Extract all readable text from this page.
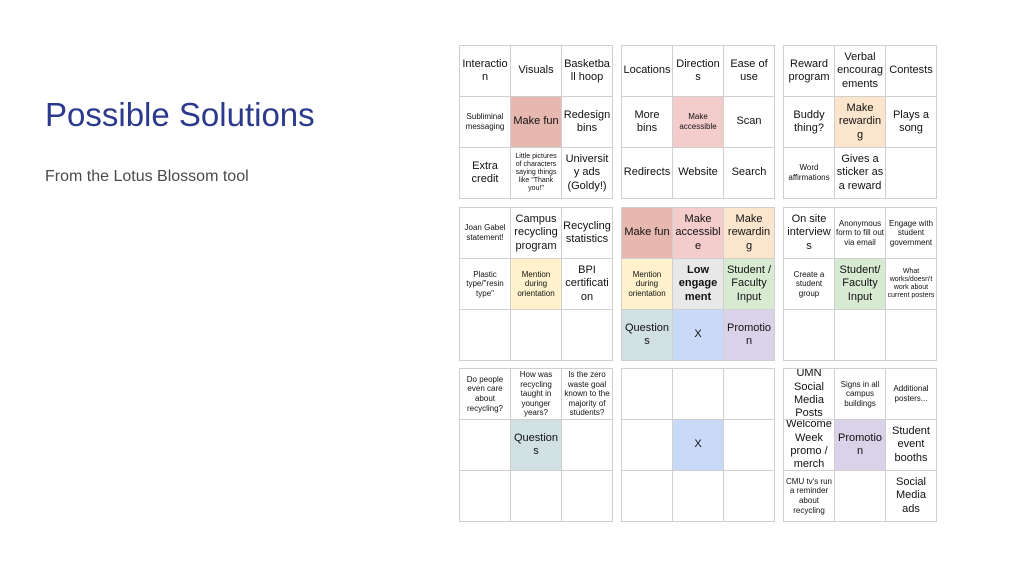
Possible Solutions
From the Lotus Blossom tool
Interaction
Visuals
Basketball hoop
Subliminal messaging Make fun
Redesign bins
Extra credit
Little pictures of characters saying things like "Thank you!"
University ads (Goldy!)
Locations
Directions
Ease of use
More bins
Make accessible	Scan
Redirects Website	Search
Reward program
Verbal encouragements
Contests
Buddy thing?
Make rewarding
Plays a song
Word affirmations
Gives a sticker as a reward
Joan Gabel statement!
Campus recycling program
Recycling statistics
Plastic type/"resin type"
Mention during orientation
BPI certification
Make fun
Make accessible
Make rewarding
Mention during orientation
Low engagement
Student / Faculty Input
Questions
X
Promotion
On site interviews
Anonymous form to fill out via email
Engage with student government
Create a student group
Student/ Faculty Input
What works/doesn't work about current posters
Do people even care about recycling?
How was recycling taught in younger years?
Is the zero waste goal known to the majority of students?
Questions
X
UMN Social Media Posts
Signs in all campus buildings
Additional posters...
Welcome Week promo / merch
Promotion
Student event booths
CMU tv's run a reminder about recycling
Social Media ads
